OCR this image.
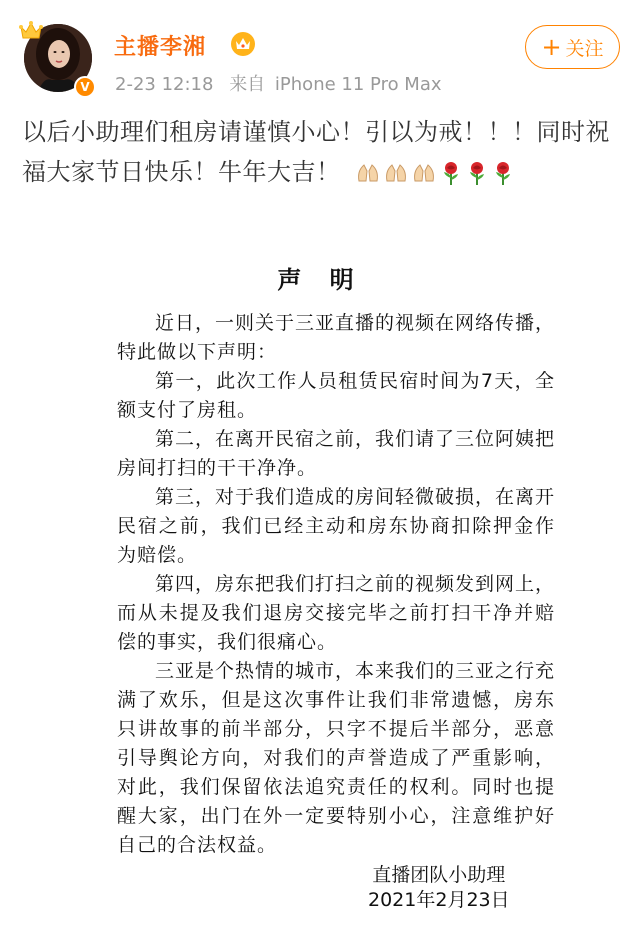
V
主播李湘
2-23 12:18 来自 iPhone 11 Pro Max
+ 关注
以后小助理们租房请谨慎小心！引以为戒！！！同时祝福大家节日快乐！牛年大吉！
声 明

近日，一则关于三亚直播的视频在网络传播，特此做以下声明：

第一，此次工作人员租赁民宿时间为7天，全额支付了房租。

第二，在离开民宿之前，我们请了三位阿姨把房间打扫的干干净净。

第三，对于我们造成的房间轻微破损，在离开民宿之前，我们已经主动和房东协商扣除押金作为赔偿。

第四，房东把我们打扫之前的视频发到网上，而从未提及我们退房交接完毕之前打扫干净并赔偿的事实，我们很痛心。

三亚是个热情的城市，本来我们的三亚之行充满了欢乐，但是这次事件让我们非常遗憾，房东只讲故事的前半部分，只字不提后半部分，恶意引导舆论方向，对我们的声誉造成了严重影响，对此，我们保留依法追究责任的权利。同时也提醒大家，出门在外一定要特别小心，注意维护好自己的合法权益。

直播团队小助理
2021年2月23日
